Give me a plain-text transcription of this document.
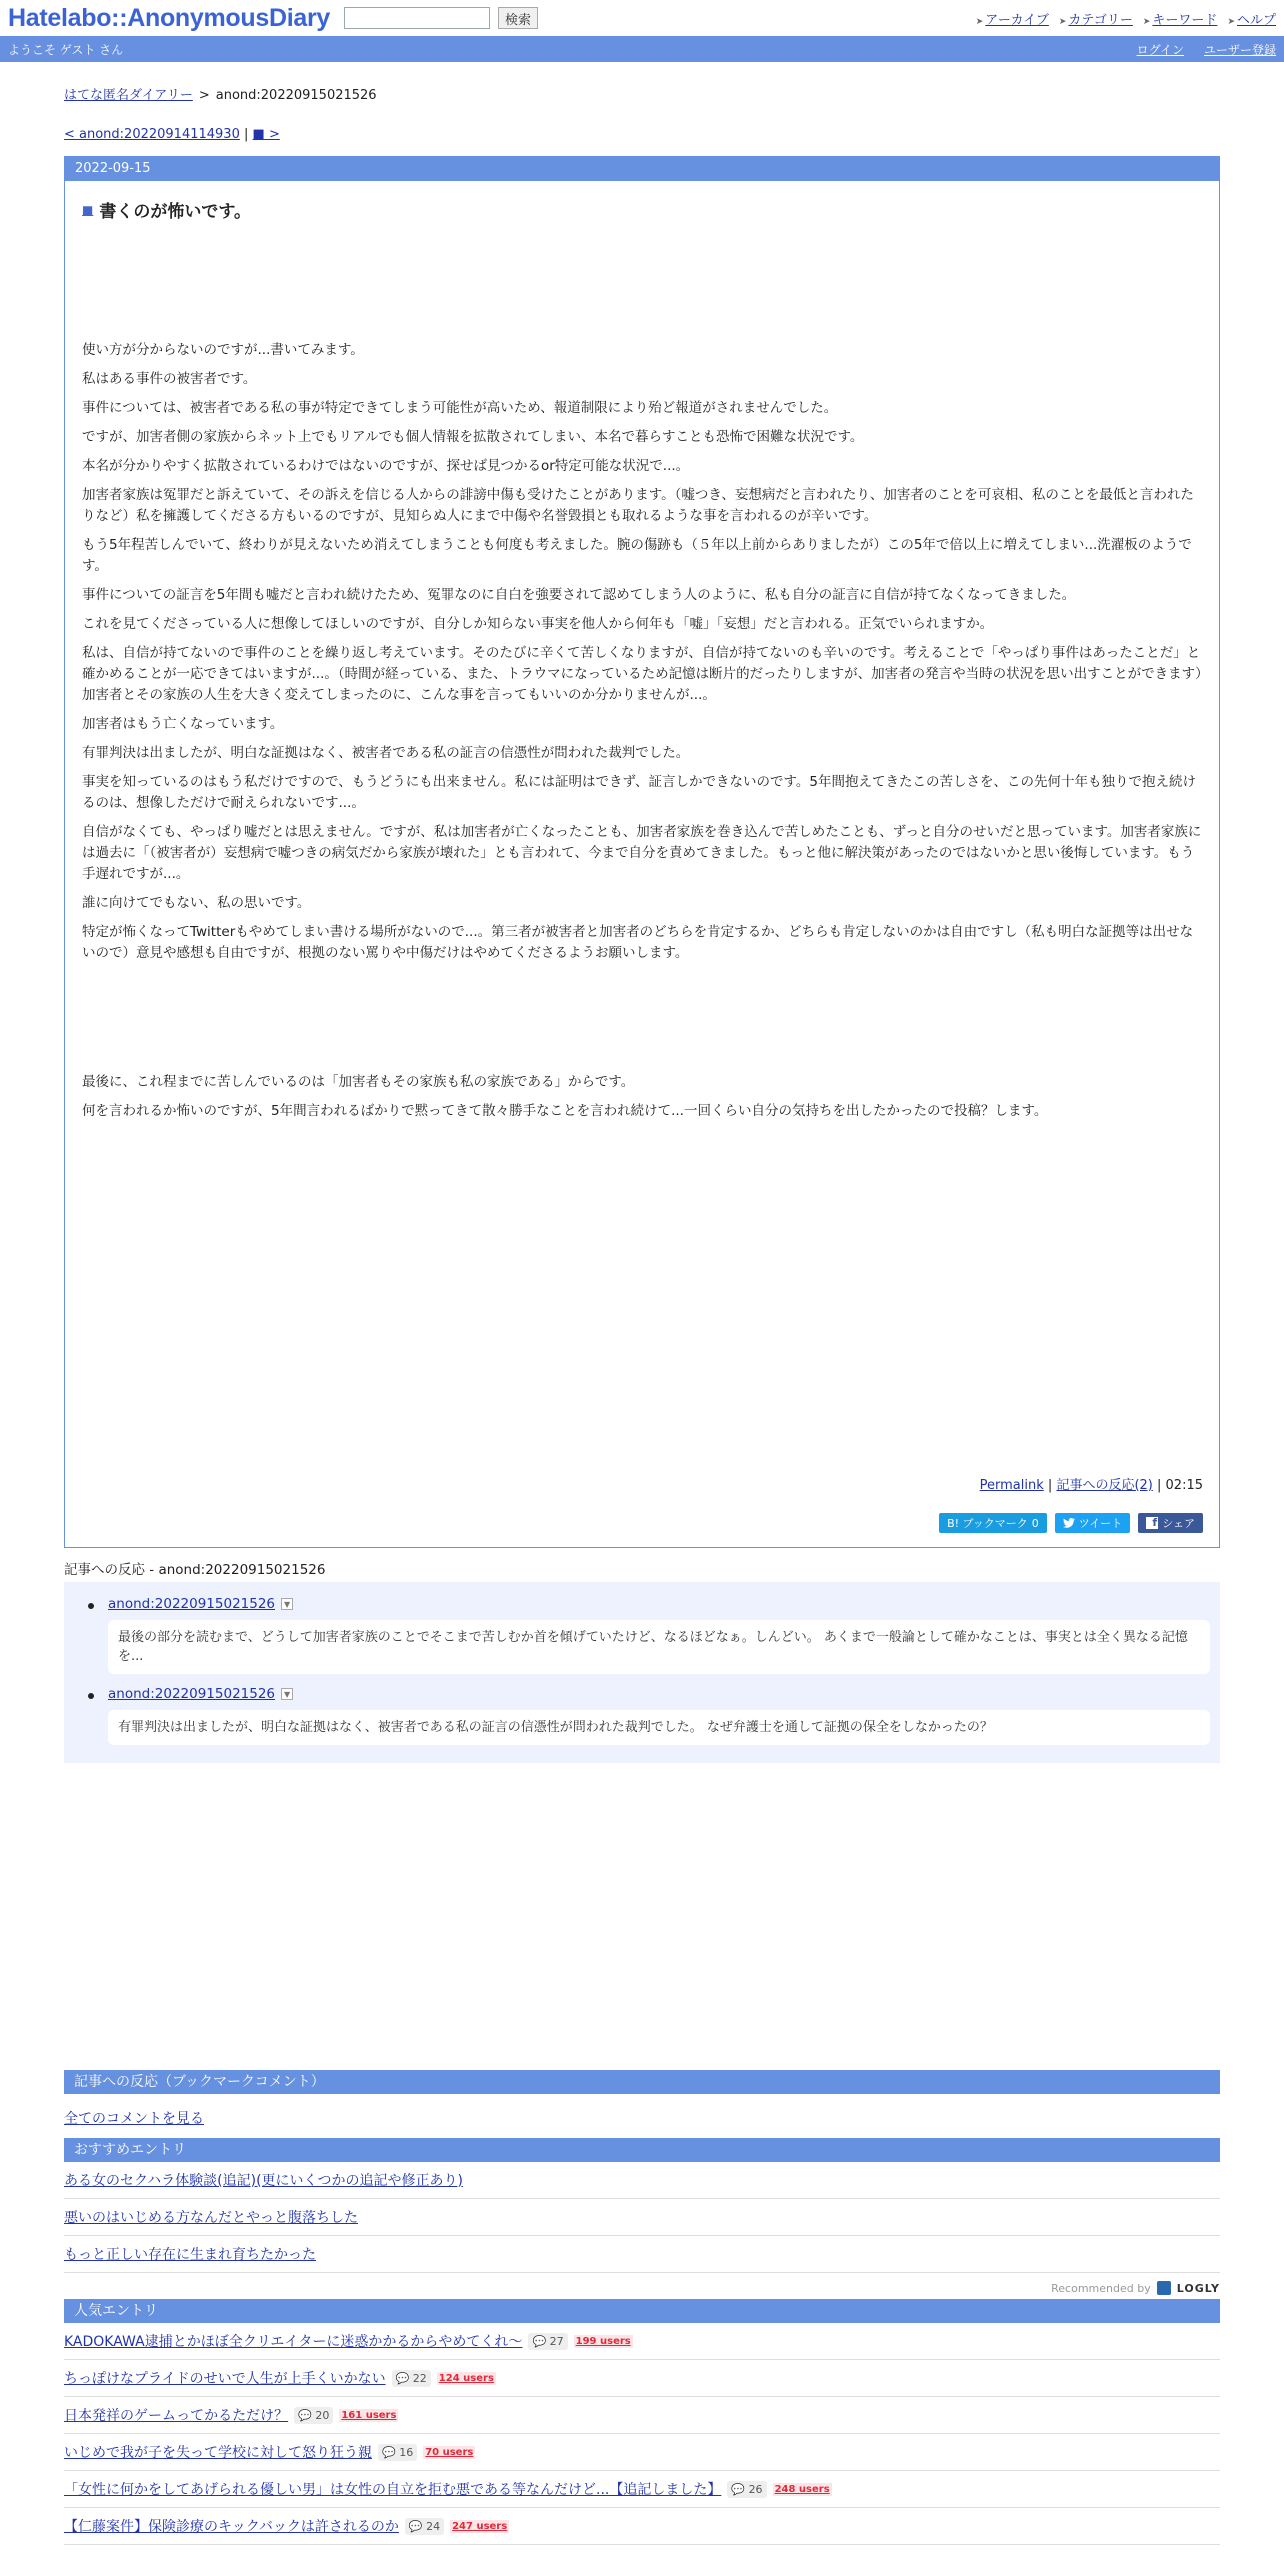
Hatelabo::AnonymousDiary	検索	➤ アーカイブ	➤ カテゴリー	➤ キーワード	➤ ヘルプ
ようこそ ゲスト さん	ログイン ユーザー登録
はてな匿名ダイアリー > anond:20220915021526
< anond:20220914114930 | ■ >
2022-09-15
■ 書くのが怖いです。

使い方が分からないのですが...書いてみます。

私はある事件の被害者です。

事件については、被害者である私の事が特定できてしまう可能性が高いため、報道制限により殆ど報道がされませんでした。

ですが、加害者側の家族からネット上でもリアルでも個人情報を拡散されてしまい、本名で暮らすことも恐怖で困難な状況です。

本名が分かりやすく拡散されているわけではないのですが、探せば見つかるor特定可能な状況で...。

加害者家族は冤罪だと訴えていて、その訴えを信じる人からの誹謗中傷も受けたことがあります。（嘘つき、妄想病だと言われたり、加害者のことを可哀相、私のことを最低と言われたりなど）私を擁護してくださる方もいるのですが、見知らぬ人にまで中傷や名誉毀損とも取れるような事を言われるのが辛いです。

もう5年程苦しんでいて、終わりが見えないため消えてしまうことも何度も考えました。腕の傷跡も（５年以上前からありましたが）この5年で倍以上に増えてしまい...洗濯板のようです。

事件についての証言を5年間も嘘だと言われ続けたため、冤罪なのに自白を強要されて認めてしまう人のように、私も自分の証言に自信が持てなくなってきました。

これを見てくださっている人に想像してほしいのですが、自分しか知らない事実を他人から何年も「嘘」「妄想」だと言われる。正気でいられますか。

私は、自信が持てないので事件のことを繰り返し考えています。そのたびに辛くて苦しくなりますが、自信が持てないのも辛いのです。考えることで「やっぱり事件はあったことだ」と確かめることが一応できてはいますが...。（時間が経っている、また、トラウマになっているため記憶は断片的だったりしますが、加害者の発言や当時の状況を思い出すことができます）加害者とその家族の人生を大きく変えてしまったのに、こんな事を言ってもいいのか分かりませんが...。

加害者はもう亡くなっています。

有罪判決は出ましたが、明白な証拠はなく、被害者である私の証言の信憑性が問われた裁判でした。

事実を知っているのはもう私だけですので、もうどうにも出来ません。私には証明はできず、証言しかできないのです。5年間抱えてきたこの苦しさを、この先何十年も独りで抱え続けるのは、想像しただけで耐えられないです...。

自信がなくても、やっぱり嘘だとは思えません。ですが、私は加害者が亡くなったことも、加害者家族を巻き込んで苦しめたことも、ずっと自分のせいだと思っています。加害者家族には過去に「（被害者が）妄想病で嘘つきの病気だから家族が壊れた」とも言われて、今まで自分を責めてきました。もっと他に解決策があったのではないかと思い後悔しています。もう手遅れですが...。

誰に向けてでもない、私の思いです。

特定が怖くなってTwitterもやめてしまい書ける場所がないので...。第三者が被害者と加害者のどちらを肯定するか、どちらも肯定しないのかは自由ですし（私も明白な証拠等は出せないので）意見や感想も自由ですが、根拠のない罵りや中傷だけはやめてくださるようお願いします。

最後に、これ程までに苦しんでいるのは「加害者もその家族も私の家族である」からです。

何を言われるか怖いのですが、5年間言われるばかりで黙ってきて散々勝手なことを言われ続けて...一回くらい自分の気持ちを出したかったので投稿？します。

Permalink | 記事への反応(2) | 02:15
B! ブックマーク 0	ツイート	f シェア
記事への反応 - anond:20220915021526
anond:20220915021526	▼
最後の部分を読むまで、どうして加害者家族のことでそこまで苦しむか首を傾げていたけど、なるほどなぁ。しんどい。 あくまで一般論として確かなことは、事実とは全く異なる記憶を...
anond:20220915021526	▼
有罪判決は出ましたが、明白な証拠はなく、被害者である私の証言の信憑性が問われた裁判でした。 なぜ弁護士を通して証拠の保全をしなかったの？
記事への反応（ブックマークコメント）
全てのコメントを見る
おすすめエントリ
ある女のセクハラ体験談(追記)(更にいくつかの追記や修正あり)
悪いのはいじめる方なんだとやっと腹落ちした
もっと正しい存在に生まれ育ちたかった
Recommended by LOGLY
人気エントリ
KADOKAWA逮捕とかほぼ全クリエイターに迷惑かかるからやめてくれ〜 💬 27	199 users
ちっぽけなプライドのせいで人生が上手くいかない 💬 22	124 users
日本発祥のゲームってかるただけ？ 💬 20	161 users
いじめで我が子を失って学校に対して怒り狂う親 💬 16	70 users
「女性に何かをしてあげられる優しい男」は女性の自立を拒む悪である等なんだけど...【追記しました】 💬 26	248 users
【仁藤案件】保険診療のキックバックは許されるのか 💬 24	247 users
